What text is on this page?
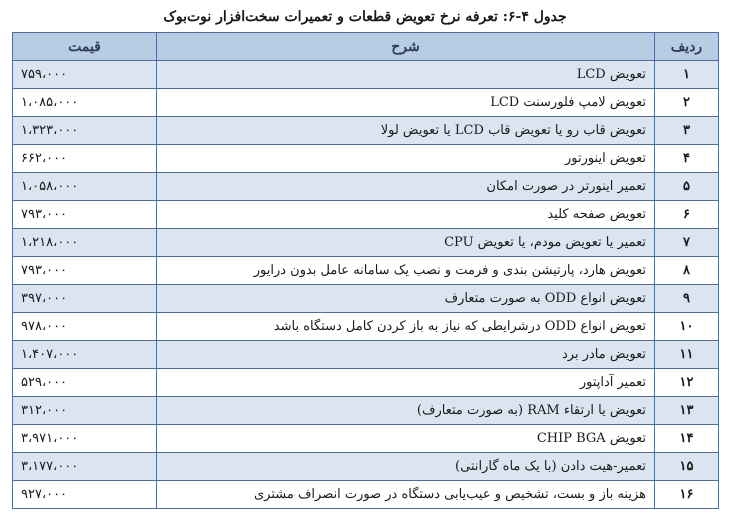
جدول ۴-۶: تعرفه نرخ تعویض قطعات و تعمیرات سخت‌افزار نوت‌بوک
ردیف	شرح	قیمت
۱	تعویض LCD	۷۵۹،۰۰۰
۲	تعویض لامپ فلورسنت LCD	۱،۰۸۵،۰۰۰
۳	تعویض قاب رو یا تعویض قاب LCD یا تعویض لولا	۱،۳۲۳،۰۰۰
۴	تعویض اینورتور	۶۶۲،۰۰۰
۵	تعمیر اینورتر در صورت امکان	۱،۰۵۸،۰۰۰
۶	تعویض صفحه کلید	۷۹۳،۰۰۰
۷	تعمیر یا تعویض مودم، یا تعویض CPU	۱،۲۱۸،۰۰۰
۸	تعویض هارد، پارتیشن بندی و فرمت و نصب یک سامانه عامل بدون درایور	۷۹۳،۰۰۰
۹	تعویض انواع ODD به صورت متعارف	۳۹۷،۰۰۰
۱۰	تعویض انواع ODD درشرایطی که نیاز به باز کردن کامل دستگاه باشد	۹۷۸،۰۰۰
۱۱	تعویض مادر برد	۱،۴۰۷،۰۰۰
۱۲	تعمیر آداپتور	۵۲۹،۰۰۰
۱۳	تعویض یا ارتقاء RAM (به صورت متعارف)	۳۱۲،۰۰۰
۱۴	تعویض CHIP BGA	۳،۹۷۱،۰۰۰
۱۵	تعمیر-هیت دادن (با یک ماه گارانتی)	۳،۱۷۷،۰۰۰
۱۶	هزینه باز و بست، تشخیص و عیب‌یابی دستگاه در صورت انصراف مشتری	۹۲۷،۰۰۰
